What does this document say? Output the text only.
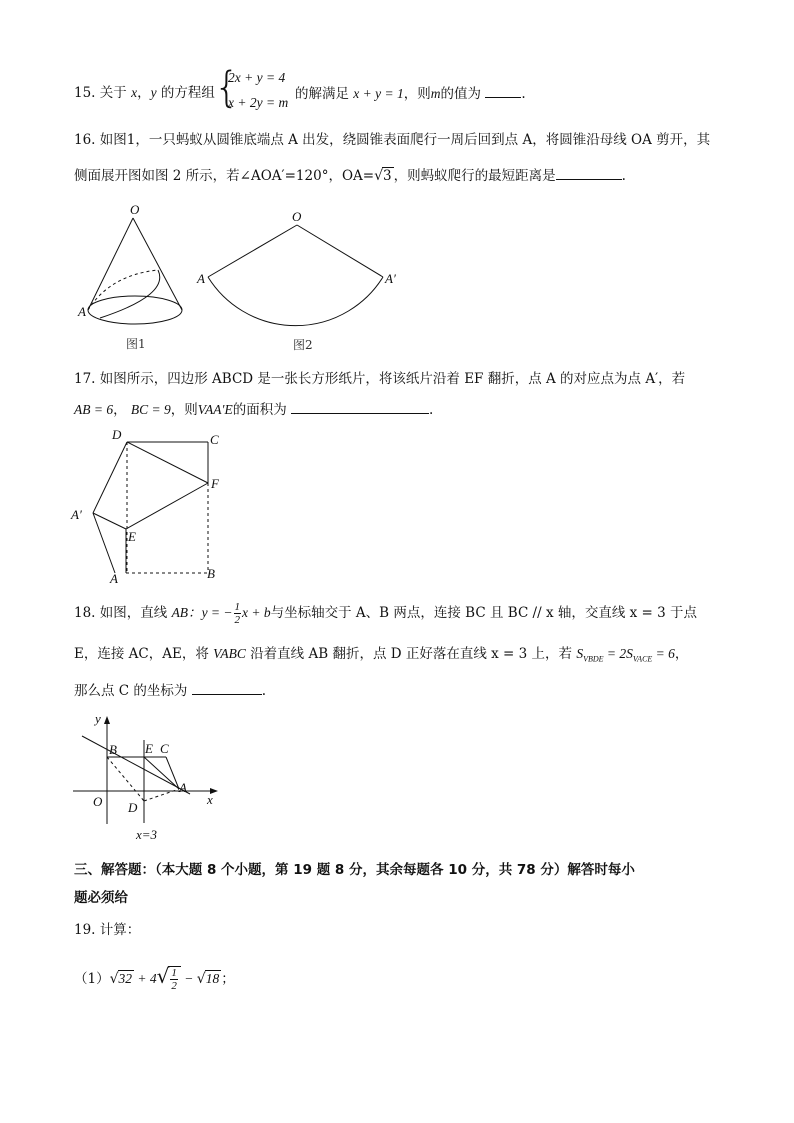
15. 关于 x，y 的方程组 {
2x + y = 4
x + 2y = m
的解满足 x + y = 1，则m的值为	.
16. 如图1，一只蚂蚁从圆锥底端点 A 出发，绕圆锥表面爬行一周后回到点 A，将圆锥沿母线 OA 剪开，其
侧面展开图如图 2 所示，若∠AOA′=120°，OA=√3 ，则蚂蚁爬行的最短距离是	.
O
A
图1
O
A	A′
图2
17. 如图所示，四边形 ABCD 是一张长方形纸片，将该纸片沿着 EF 翻折，点 A 的对应点为点 A′，若
AB = 6， BC = 9，则VAA′E的面积为	.
D	C
F
A′
E
A	B
18. 如图，直线 AB：y = − $\frac{1}{2}$ x + b与坐标轴交于 A、B 两点，连接 BC 且 BC // x 轴，交直线 x = 3 于点
E，连接 AC，AE，将 VABC 沿着直线 AB 翻折，点 D 正好落在直线 x = 3 上，若 $S_{VBDE} = 2S_{VACE} = 6$，
那么点 C 的坐标为	.
y
x
O
B E C
A
D
x=3
三、解答题：（本大题 8 个小题，第 19 题 8 分，其余每题各 10 分，共 78 分）解答时每小
题必须给
19. 计算：
$(1)√32 + 4√ \frac{1}{2} - √18$ ；
